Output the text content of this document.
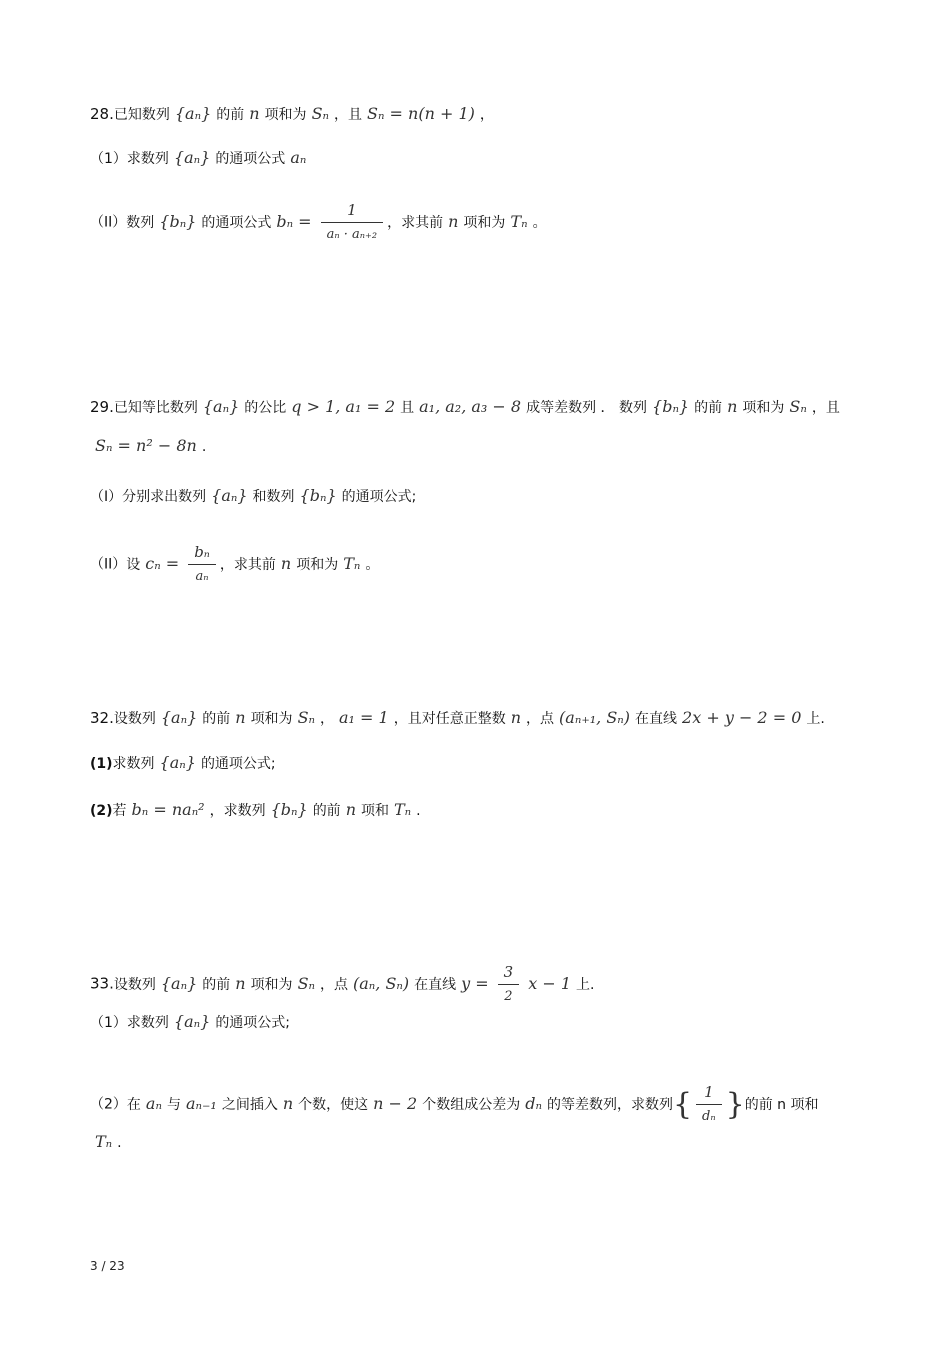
28.已知数列 {aₙ} 的前 n 项和为 Sₙ ，且 Sₙ = n(n + 1) ，
（1）求数列 {aₙ} 的通项公式 aₙ
（II）数列 {bₙ} 的通项公式 $b_n = \frac{1}{\text{aₙ · aₙ₊₂}}$ ，求其前 n 项和为 Tₙ 。
29.已知等比数列 {aₙ} 的公比 q > 1, a₁ = 2 且 a₁, a₂, a₃ − 8 成等差数列 ． 数列 {bₙ} 的前 n 项和为 Sₙ ，且
Sₙ = n² − 8n .
（I）分别求出数列 {aₙ} 和数列 {bₙ} 的通项公式;
（II）设 $c_n = \frac{\text{bₙ}}{\text{aₙ}}$ ，求其前 n 项和为 Tₙ 。
32.设数列 {aₙ} 的前 n 项和为 Sₙ ， a₁ = 1 ，且对任意正整数 n ，点 (aₙ₊₁, Sₙ) 在直线 2x + y − 2 = 0 上.
(1)求数列 {aₙ} 的通项公式;
(2)若 bₙ = naₙ² ，求数列 {bₙ} 的前 n 项和 Tₙ .
33.设数列 {aₙ} 的前 n 项和为 Sₙ ，点 (aₙ, Sₙ) 在直线 $y = \frac{3}{2}$ x − 1 上.
（1）求数列 {aₙ} 的通项公式;
（2）在 aₙ 与 aₙ₋₁ 之间插入 n 个数，使这 n − 2 个数组成公差为 dₙ 的等差数列，求数列{ $\frac{1}{\text{dₙ}}$ }的前 n 项和
Tₙ .
3 / 23
